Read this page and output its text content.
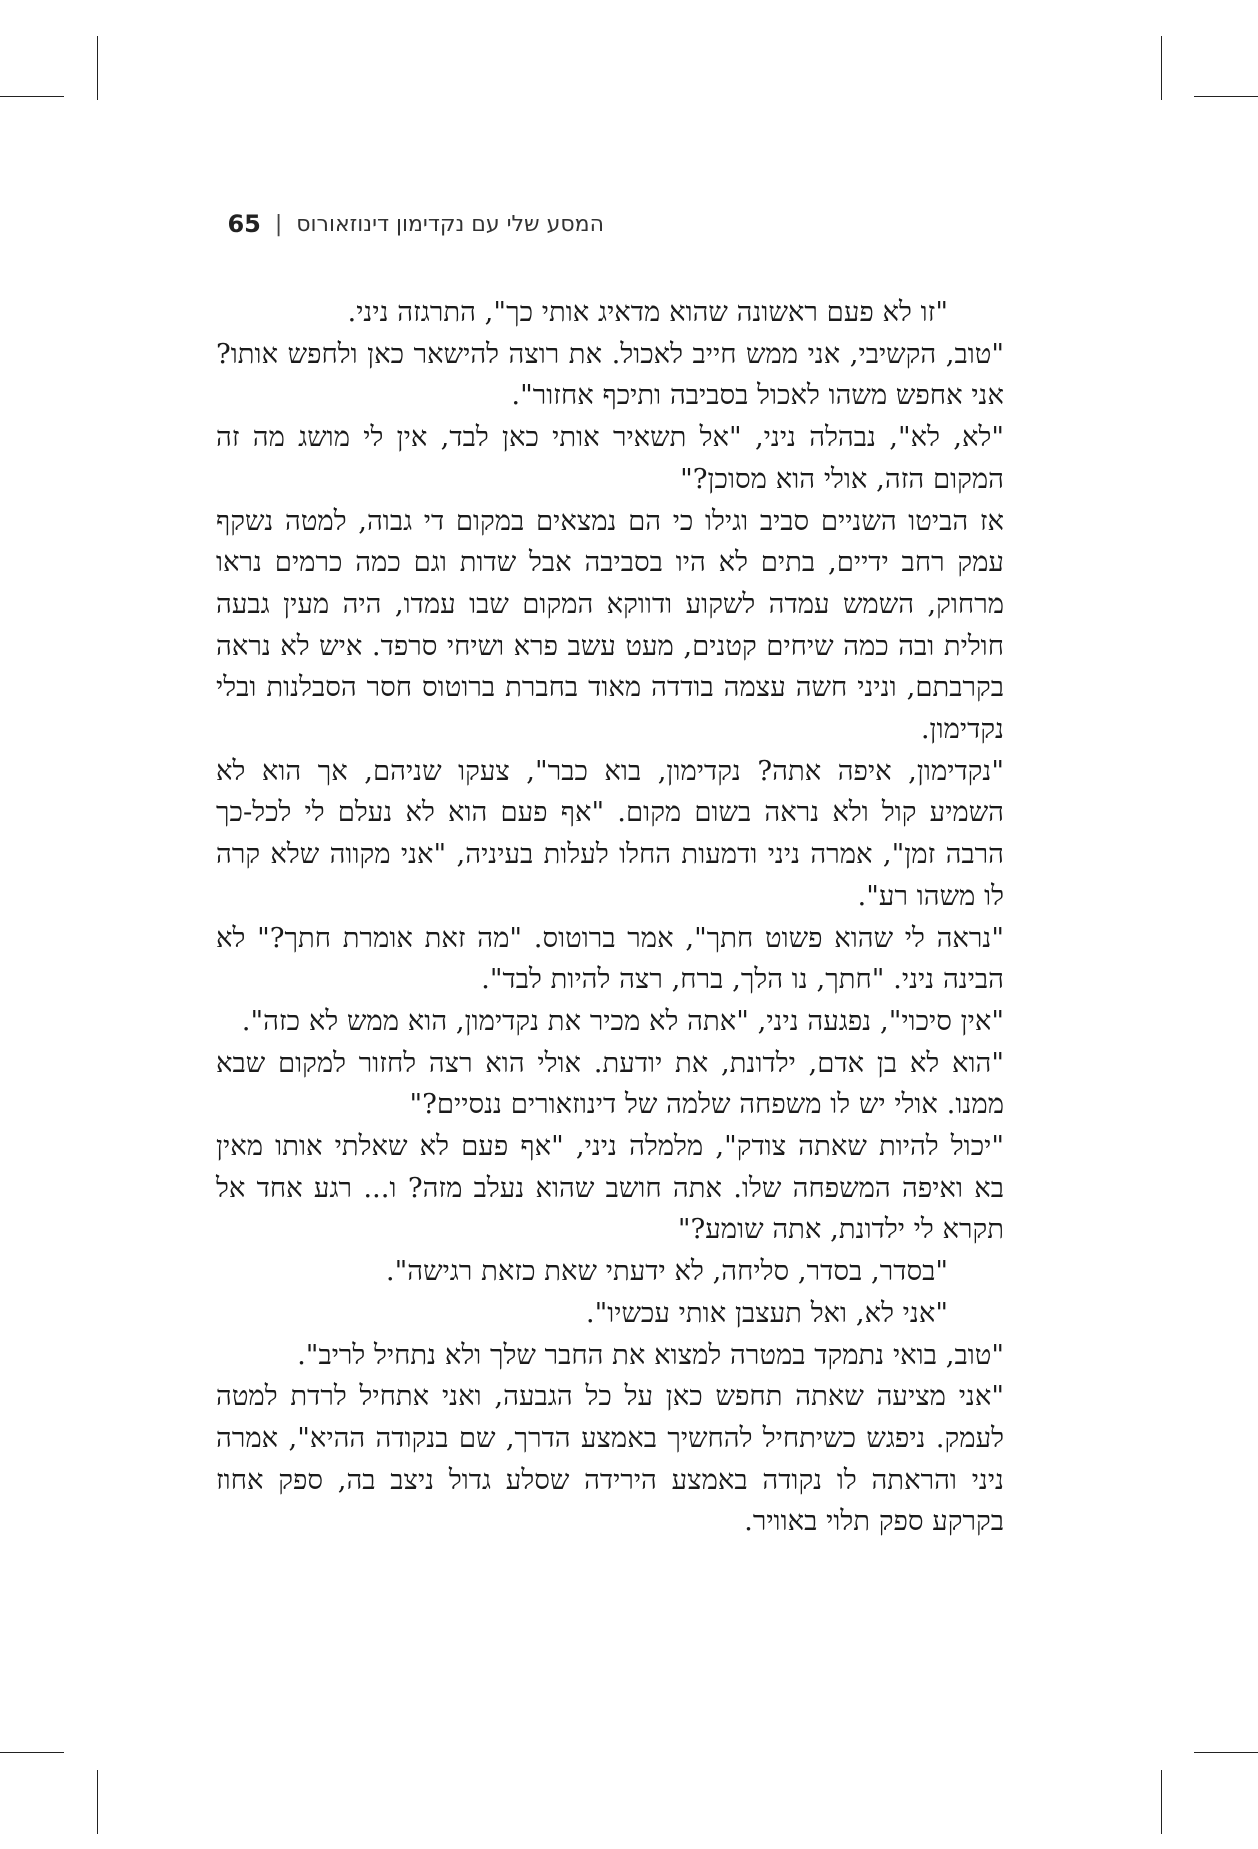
המסע שלי עם נקדימון דינוזאורוס
|
65

"זו לא פעם ראשונה שהוא מדאיג אותי כך", התרגזה ניני.

"טוב, הקשיבי, אני ממש חייב לאכול. את רוצה להישאר כאן ולחפש אותו? אני אחפש משהו לאכול בסביבה ותיכף אחזור".

"לא, לא", נבהלה ניני, "אל תשאיר אותי כאן לבד, אין לי מושג מה זה המקום הזה, אולי הוא מסוכן?"

אז הביטו השניים סביב וגילו כי הם נמצאים במקום די גבוה, למטה נשקף עמק רחב ידיים, בתים לא היו בסביבה אבל שדות וגם כמה כרמים נראו מרחוק, השמש עמדה לשקוע ודווקא המקום שבו עמדו, היה מעין גבעה חולית ובה כמה שיחים קטנים, מעט עשב פרא ושיחי סרפד. איש לא נראה בקרבתם, וניני חשה עצמה בודדה מאוד בחברת ברוטוס חסר הסבלנות ובלי נקדימון.

"נקדימון, איפה אתה? נקדימון, בוא כבר", צעקו שניהם, אך הוא לא השמיע קול ולא נראה בשום מקום. "אף פעם הוא לא נעלם לי לכל-כך הרבה זמן", אמרה ניני ודמעות החלו לעלות בעיניה, "אני מקווה שלא קרה לו משהו רע".

"נראה לי שהוא פשוט חתך", אמר ברוטוס. "מה זאת אומרת חתך?" לא הבינה ניני. "חתך, נו הלך, ברח, רצה להיות לבד".

"אין סיכוי", נפגעה ניני, "אתה לא מכיר את נקדימון, הוא ממש לא כזה".

"הוא לא בן אדם, ילדונת, את יודעת. אולי הוא רצה לחזור למקום שבא ממנו. אולי יש לו משפחה שלמה של דינוזאורים ננסיים?"

"יכול להיות שאתה צודק", מלמלה ניני, "אף פעם לא שאלתי אותו מאין בא ואיפה המשפחה שלו. אתה חושב שהוא נעלב מזה? ו... רגע אחד אל תקרא לי ילדונת, אתה שומע?"

"בסדר, בסדר, סליחה, לא ידעתי שאת כזאת רגישה".

"אני לא, ואל תעצבן אותי עכשיו".

"טוב, בואי נתמקד במטרה למצוא את החבר שלך ולא נתחיל לריב".

"אני מציעה שאתה תחפש כאן על כל הגבעה, ואני אתחיל לרדת למטה לעמק. ניפגש כשיתחיל להחשיך באמצע הדרך, שם בנקודה ההיא", אמרה ניני והראתה לו נקודה באמצע הירידה שסלע גדול ניצב בה, ספק אחוז בקרקע ספק תלוי באוויר.
